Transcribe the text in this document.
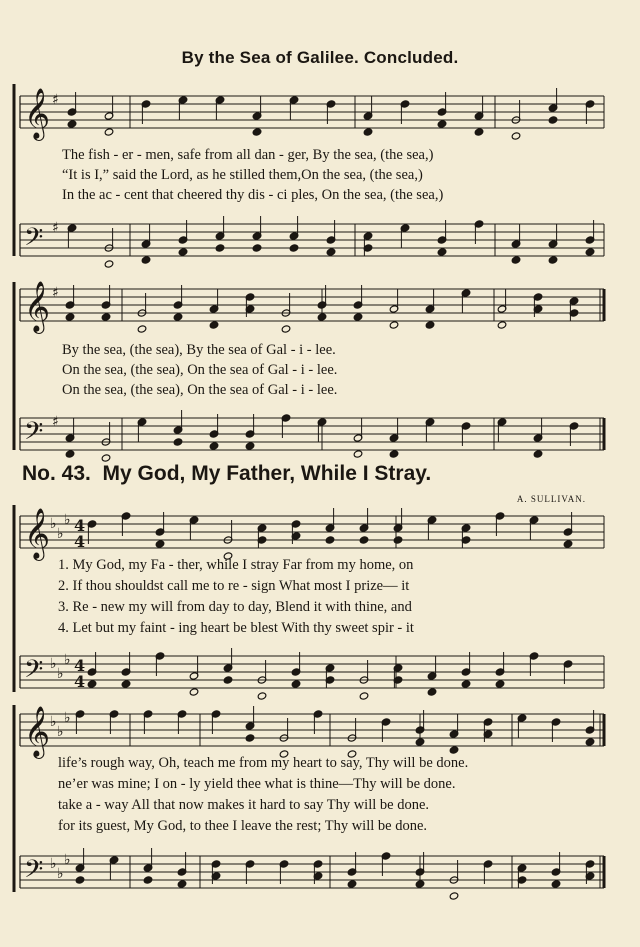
𝄞 ♯
𝄢 ♯
𝄞 ♯
𝄢 ♯
𝄞 ♭
♭
♭ 4
4
𝄢 ♭
♭
♭ 4
4
𝄞 ♭
♭
♭
𝄢 ♭
♭
♭
By the Sea of Galilee. Concluded.
The fish - er - men, safe from all dan - ger, By the sea, (the sea,)
“It is I,” said the Lord, as he stilled them,On the sea, (the sea,)
In the ac - cent that cheered thy dis - ci ples, On the sea, (the sea,)
By the sea, (the sea), By the sea of Gal - i - lee.
On the sea, (the sea), On the sea of Gal - i - lee.
On the sea, (the sea), On the sea of Gal - i - lee.
No. 43. My God, My Father, While I Stray.
A. SULLIVAN.
1. My God, my Fa - ther, while I stray Far from my home, on
2. If thou shouldst call me to re - sign What most I prize— it
3. Re - new my will from day to day, Blend it with thine, and
4. Let but my faint - ing heart be blest With thy sweet spir - it
life’s rough way, Oh, teach me from my heart to say, Thy will be done.
ne’er was mine; I on - ly yield thee what is thine—Thy will be done.
take a - way All that now makes it hard to say Thy will be done.
for its guest, My God, to thee I leave the rest; Thy will be done.
